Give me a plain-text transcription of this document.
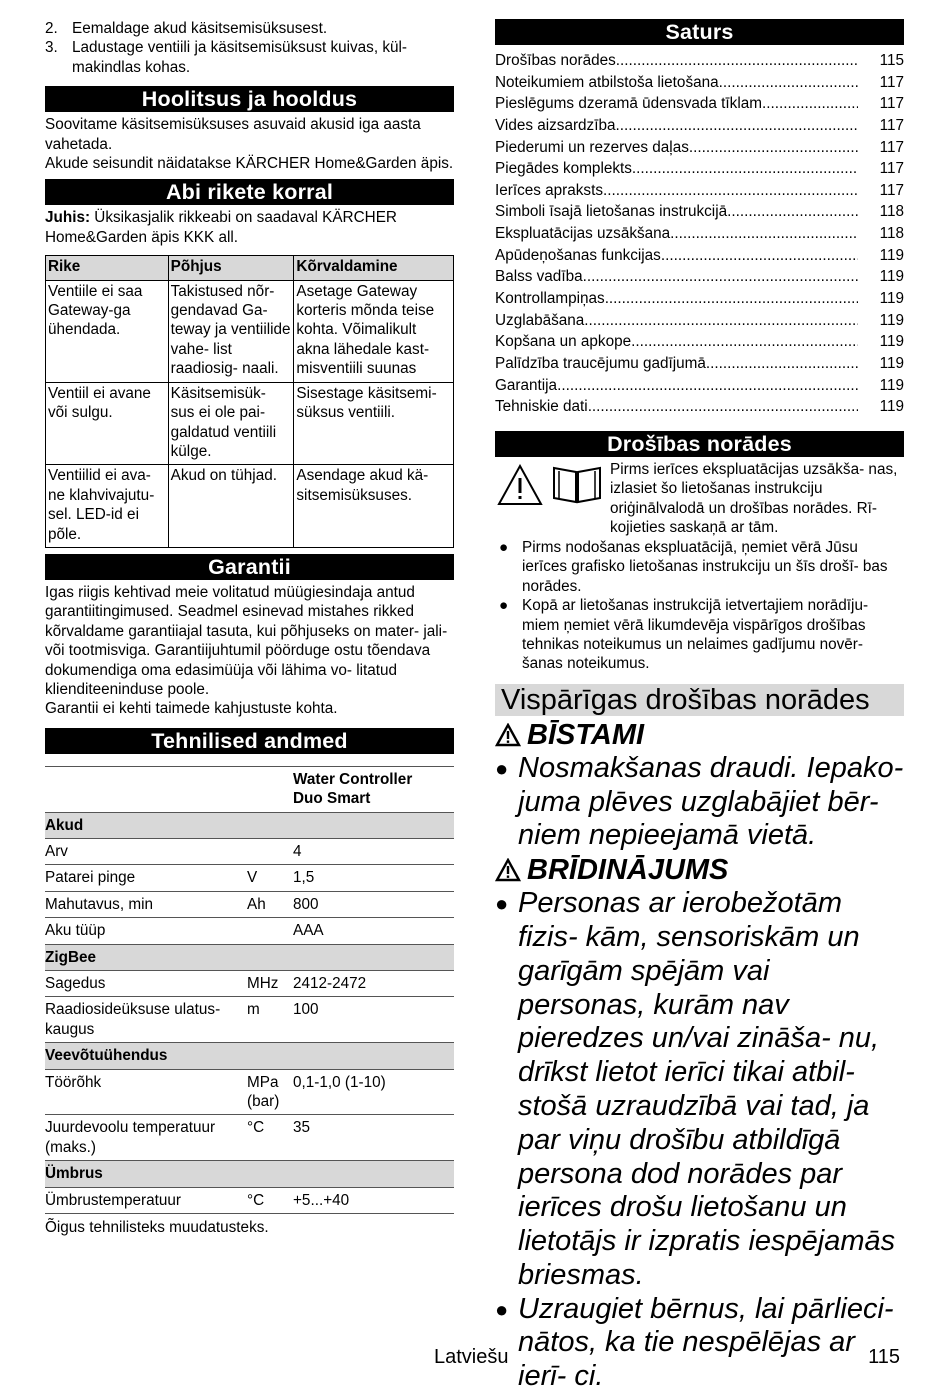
2. Eemaldage akud käsitsemisüksusest.
3. Ladustage ventiili ja käsitsemisüksust kuivas, kül- makindlas kohas.
Hoolitsus ja hooldus

Soovitame käsitsemisüksuses asuvaid akusid iga aasta vahetada.

Akude seisundit näidatakse KÄRCHER Home&Garden äpis.

Abi rikete korral

Juhis: Üksikasjalik rikkeabi on saadaval KÄRCHER Home&Garden äpis KKK all.

Rike	Põhjus	Kõrvaldamine
Ventiile ei saa Gateway-ga ühendada.	Takistused nõr- gendavad Ga- teway ja ventiilide vahe- list raadiosig- naali.	Asetage Gateway korteris mõnda teise kohta. Võimalikult akna lähedale kast- misventiili suunas
Ventiil ei avane või sulgu.	Käsitsemisük- sus ei ole pai- galdatud ventiili külge.	Sisestage käsitsemi- süksus ventiili.
Ventiilid ei ava- ne klahvivajutu- sel. LED-id ei põle.	Akud on tühjad.	Asendage akud kä- sitsemisüksuses.
Garantii

Igas riigis kehtivad meie volitatud müügiesindaja antud garantiitingimused. Seadmel esinevad mistahes rikked kõrvaldame garantiiajal tasuta, kui põhjuseks on mater- jali- või tootmisviga. Garantiijuhtumil pöörduge ostu tõendava dokumendiga oma edasimüüja või lähima vo- litatud klienditeeninduse poole.

Garantii ei kehti taimede kahjustuste kohta.

Tehnilised andmed
		Water Controller Duo Smart
Akud		
Arv		4
Patarei pinge	V	1,5
Mahutavus, min	Ah	800
Aku tüüp		AAA
ZigBee		
Sagedus	MHz	2412-2472
Raadiosideüksuse ulatus- kaugus	m	100
Veevõtuühendus		
Töörõhk	MPa (bar)	0,1-1,0 (1-10)
Juurdevoolu temperatuur (maks.)	°C	35
Ümbrus		
Ümbrustemperatuur	°C	+5...+40

Õigus tehnilisteks muudatusteks.

Saturs
Drošības norādes .....	115
Noteikumiem atbilstoša lietošana .....	117
Pieslēgums dzeramā ūdensvada tīklam .....	117
Vides aizsardzība .....	117
Piederumi un rezerves daļas .....	117
Piegādes komplekts .....	117
Ierīces apraksts .....	117
Simboli īsajā lietošanas instrukcijā .....	118
Ekspluatācijas uzsākšana .....	118
Apūdeņošanas funkcijas .....	119
Balss vadība .....	119
Kontrollampiņas .....	119
Uzglabāšana .....	119
Kopšana un apkope .....	119
Palīdzība traucējumu gadījumā .....	119
Garantija .....	119
Tehniskie dati .....	119
Drošības norādes

Pirms ierīces ekspluatācijas uzsākša- nas, izlasiet šo lietošanas instrukciju oriģinālvalodā un drošības norādes. Rī- kojieties saskaņā ar tām.

● Pirms nodošanas ekspluatācijā, ņemiet vērā Jūsu ierīces grafisko lietošanas instrukciju un šīs drošī- bas norādes.
● Kopā ar lietošanas instrukcijā ietvertajiem norādīju- miem ņemiet vērā likumdevēja vispārīgos drošības tehnikas noteikumus un nelaimes gadījumu novēr- šanas noteikumus.
Vispārīgas drošības norādes
BĪSTAMI
● Nosmakšanas draudi. Iepako- juma plēves uzglabājiet bēr- niem nepieejamā vietā.
BRĪDINĀJUMS
● Personas ar ierobežotām fizis- kām, sensoriskām un garīgām spējām vai personas, kurām nav pieredzes un/vai zināša- nu, drīkst lietot ierīci tikai atbil- stošā uzraudzībā vai tad, ja par viņu drošību atbildīgā persona dod norādes par ierīces drošu lietošanu un lietotājs ir izpratis iespējamās briesmas.
● Uzraugiet bērnus, lai pārlieci- nātos, ka tie nespēlējas ar ierī- ci.
Latviešu	115
